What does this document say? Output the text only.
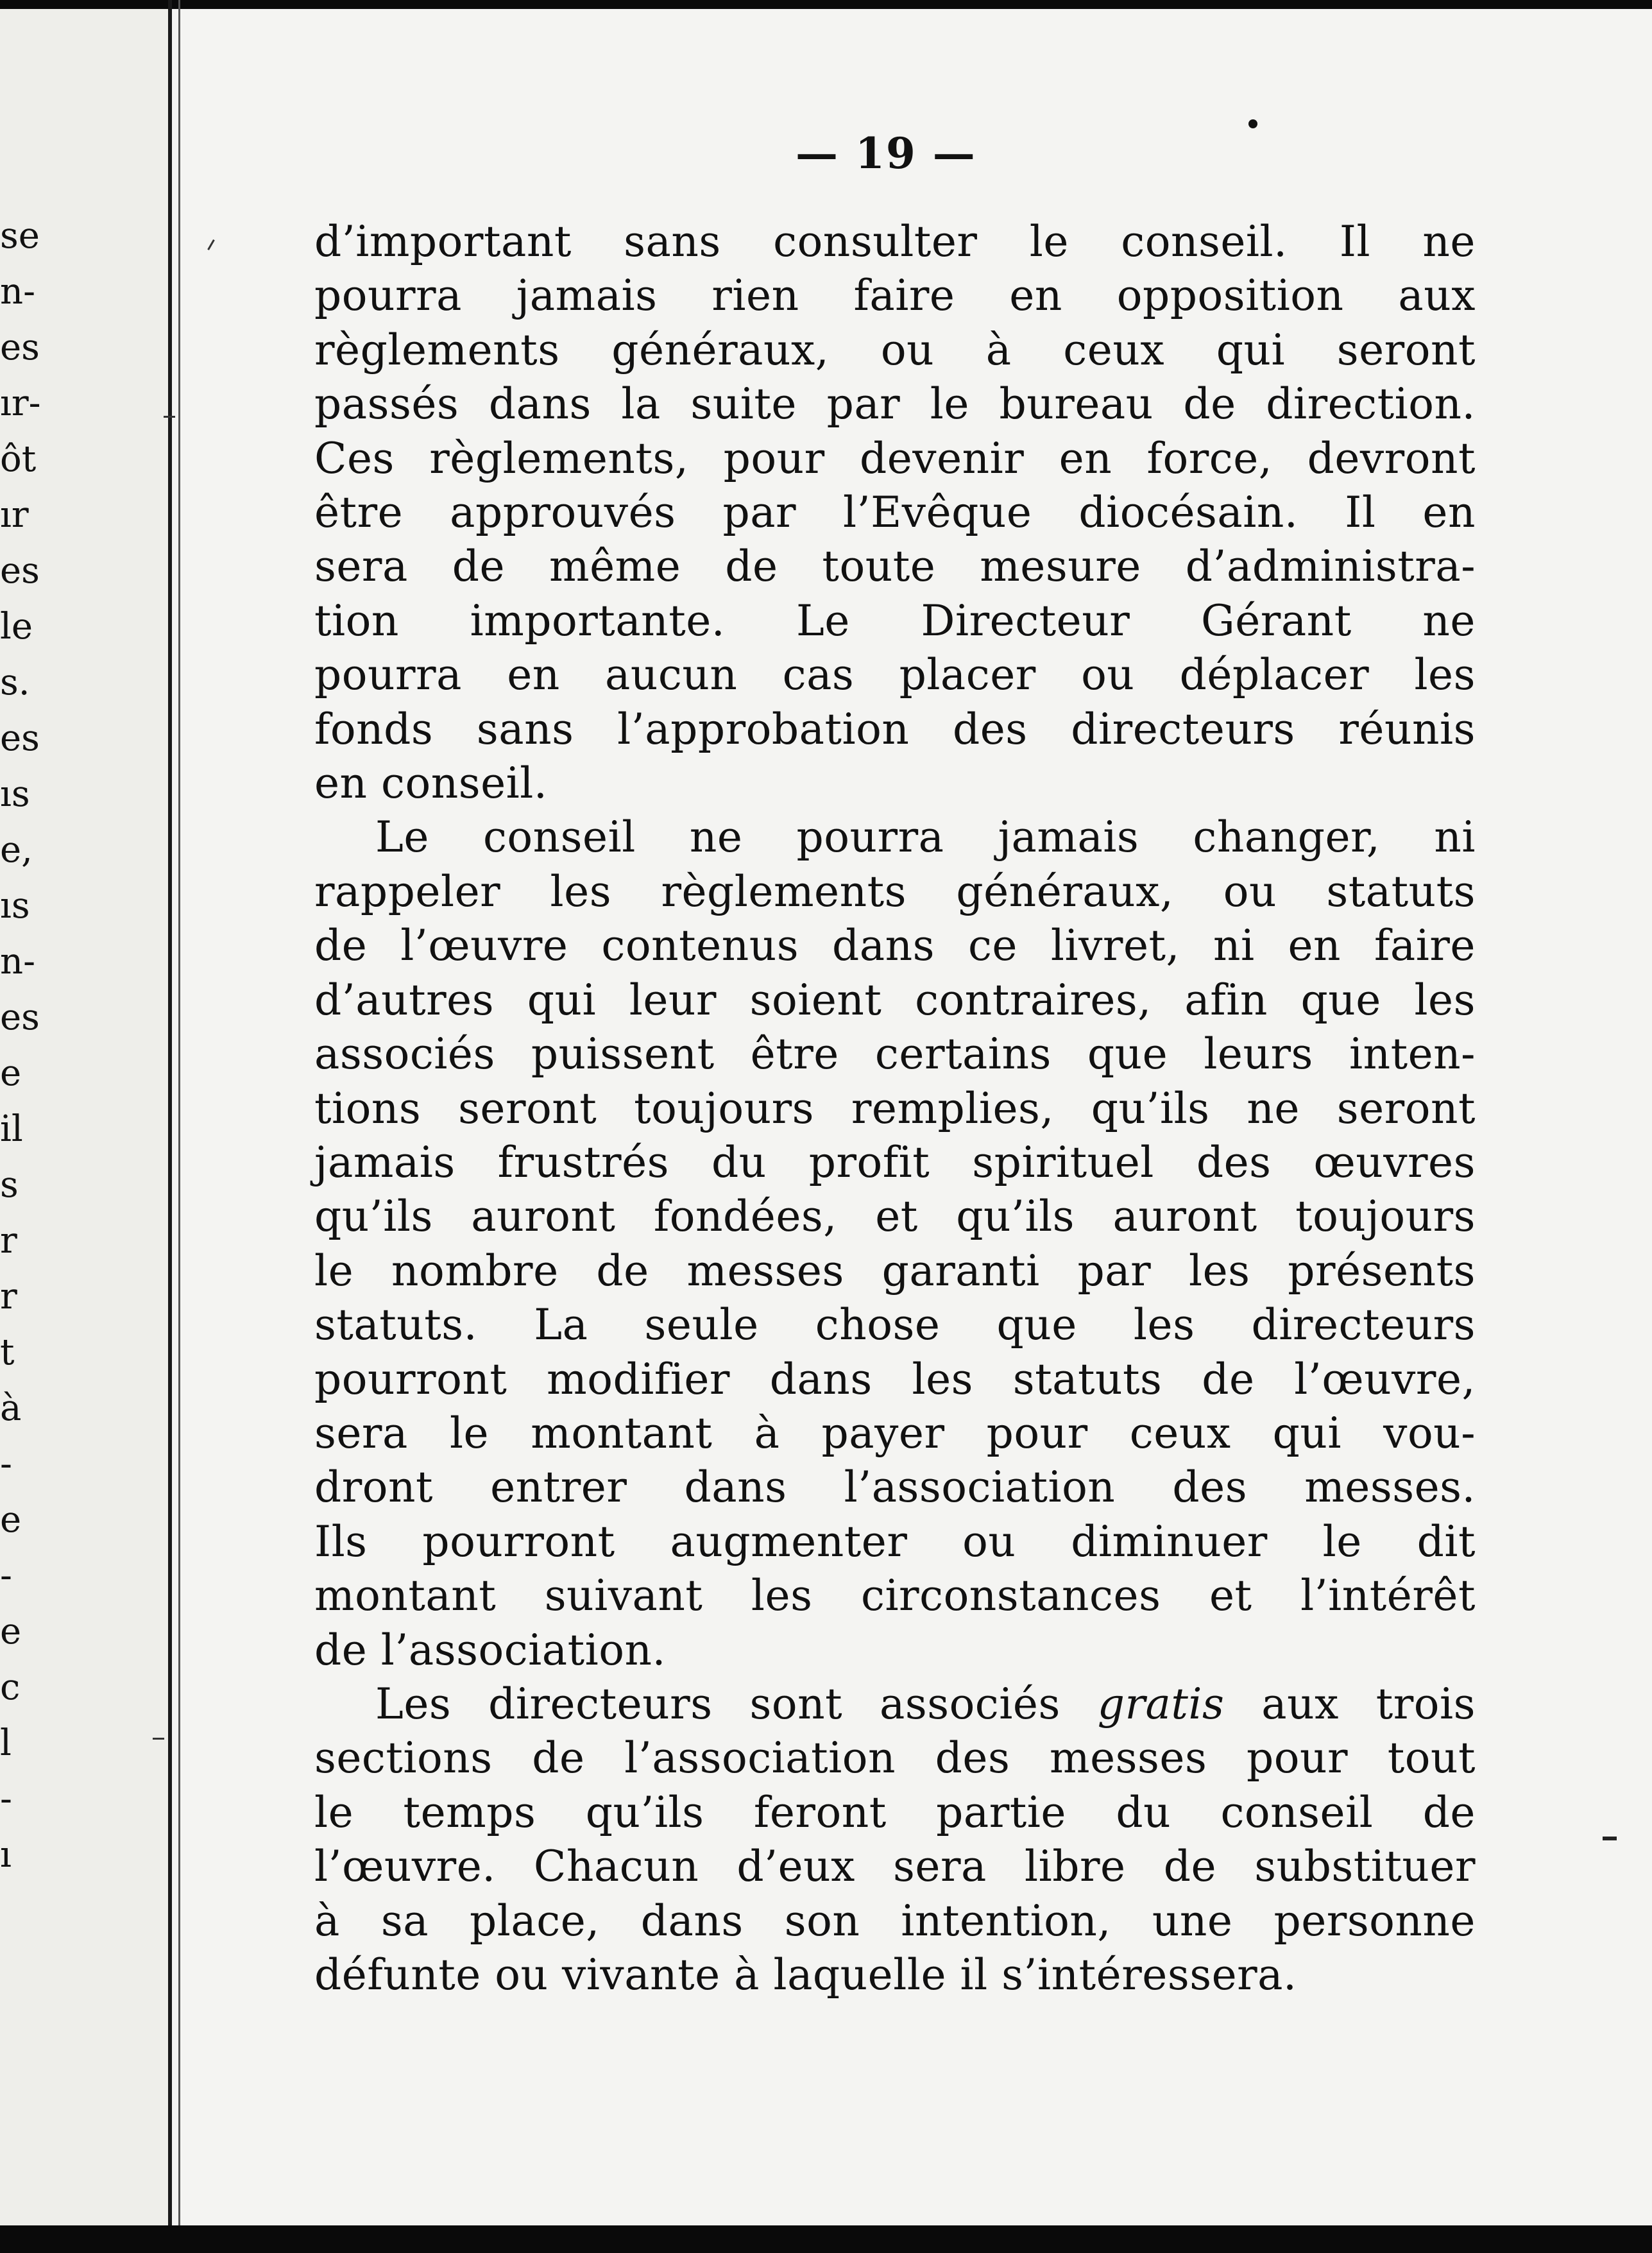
se
n-
es
ır-
ôt
ır
es
le
s.
es
ıs
e,
ıs
n-
es
e
il
s
r
r
t
à
-
e
-
e
c
l
-
ı
— 19 —
d’important sans consulter le conseil. Il ne
pourra jamais rien faire en opposition aux
règlements généraux, ou à ceux qui seront
passés dans la suite par le bureau de direction.
Ces règlements, pour devenir en force, devront
être approuvés par l’Evêque diocésain. Il en
sera de même de toute mesure d’administra-
tion importante. Le Directeur Gérant ne
pourra en aucun cas placer ou déplacer les
fonds sans l’approbation des directeurs réunis
en conseil.
Le conseil ne pourra jamais changer, ni
rappeler les règlements généraux, ou statuts
de l’œuvre contenus dans ce livret, ni en faire
d’autres qui leur soient contraires, afin que les
associés puissent être certains que leurs inten-
tions seront toujours remplies, qu’ils ne seront
jamais frustrés du profit spirituel des œuvres
qu’ils auront fondées, et qu’ils auront toujours
le nombre de messes garanti par les présents
statuts. La seule chose que les directeurs
pourront modifier dans les statuts de l’œuvre,
sera le montant à payer pour ceux qui vou-
dront entrer dans l’association des messes.
Ils pourront augmenter ou diminuer le dit
montant suivant les circonstances et l’intérêt
de l’association.
Les directeurs sont associés gratis aux trois
sections de l’association des messes pour tout
le temps qu’ils feront partie du conseil de
l’œuvre. Chacun d’eux sera libre de substituer
à sa place, dans son intention, une personne
défunte ou vivante à laquelle il s’intéressera.
